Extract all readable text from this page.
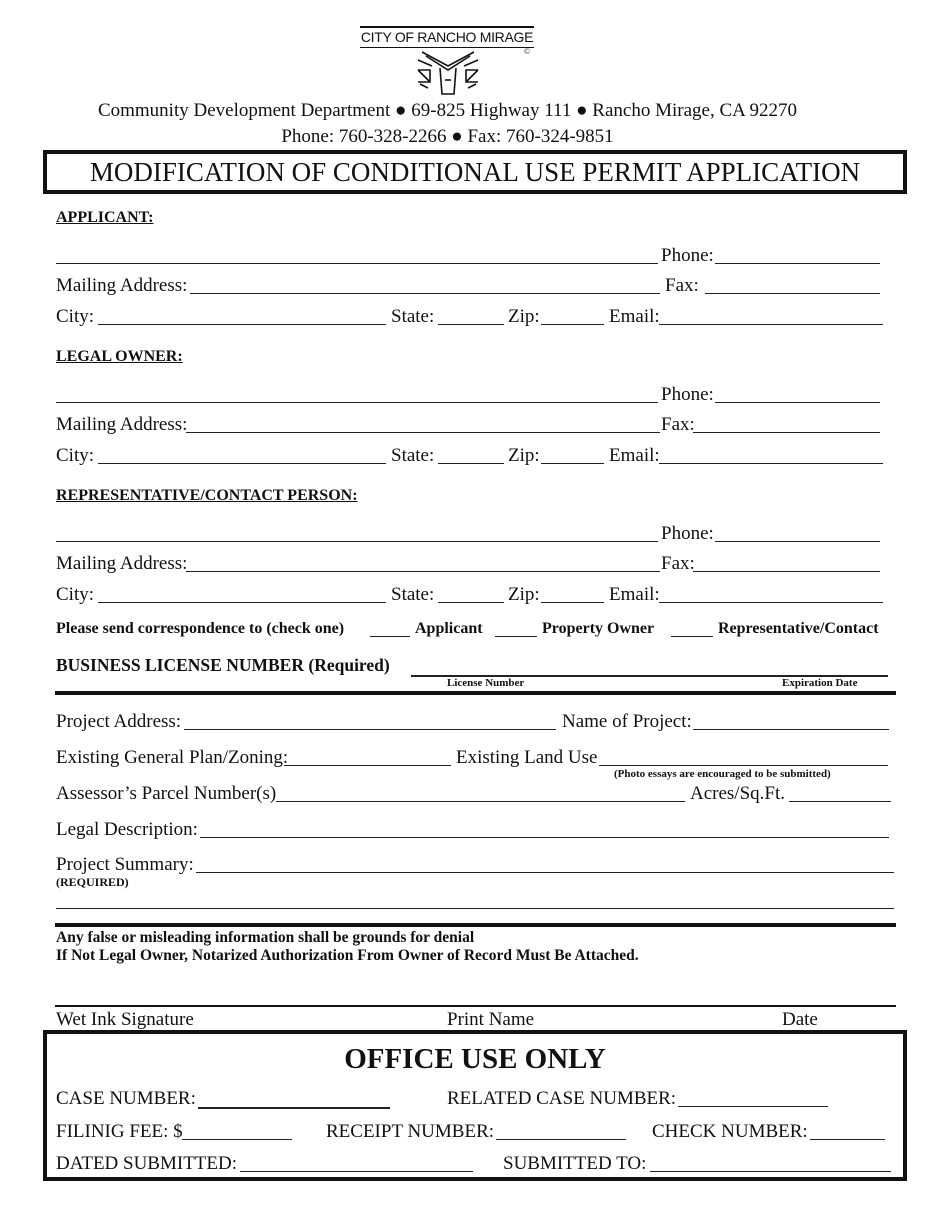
CITY OF RANCHO MIRAGE
©
Community Development Department ● 69-825 Highway 111 ● Rancho Mirage, CA 92270
Phone: 760-328-2266 ● Fax: 760-324-9851
MODIFICATION OF CONDITIONAL USE PERMIT APPLICATION
APPLICANT:
Phone:
Mailing Address:	Fax:
City:	State:	Zip:	Email:
LEGAL OWNER:
Phone:
Mailing Address:	Fax:
City:	State:	Zip:	Email:
REPRESENTATIVE/CONTACT PERSON:
Phone:
Mailing Address:	Fax:
City:	State:	Zip:	Email:
Please send correspondence to (check one)	Applicant	Property Owner	Representative/Contact
BUSINESS LICENSE NUMBER (Required)
License Number	Expiration Date
Project Address:	Name of Project:
Existing General Plan/Zoning:	Existing Land Use
(Photo essays are encouraged to be submitted)
Assessor’s Parcel Number(s)	Acres/Sq.Ft.
Legal Description:
Project Summary:
(REQUIRED)
Any false or misleading information shall be grounds for denial
If Not Legal Owner, Notarized Authorization From Owner of Record Must Be Attached.
Wet Ink Signature	Print Name	Date
OFFICE USE ONLY
CASE NUMBER:	RELATED CASE NUMBER:
FILINIG FEE: $	RECEIPT NUMBER:	CHECK NUMBER:
DATED SUBMITTED:	SUBMITTED TO:
